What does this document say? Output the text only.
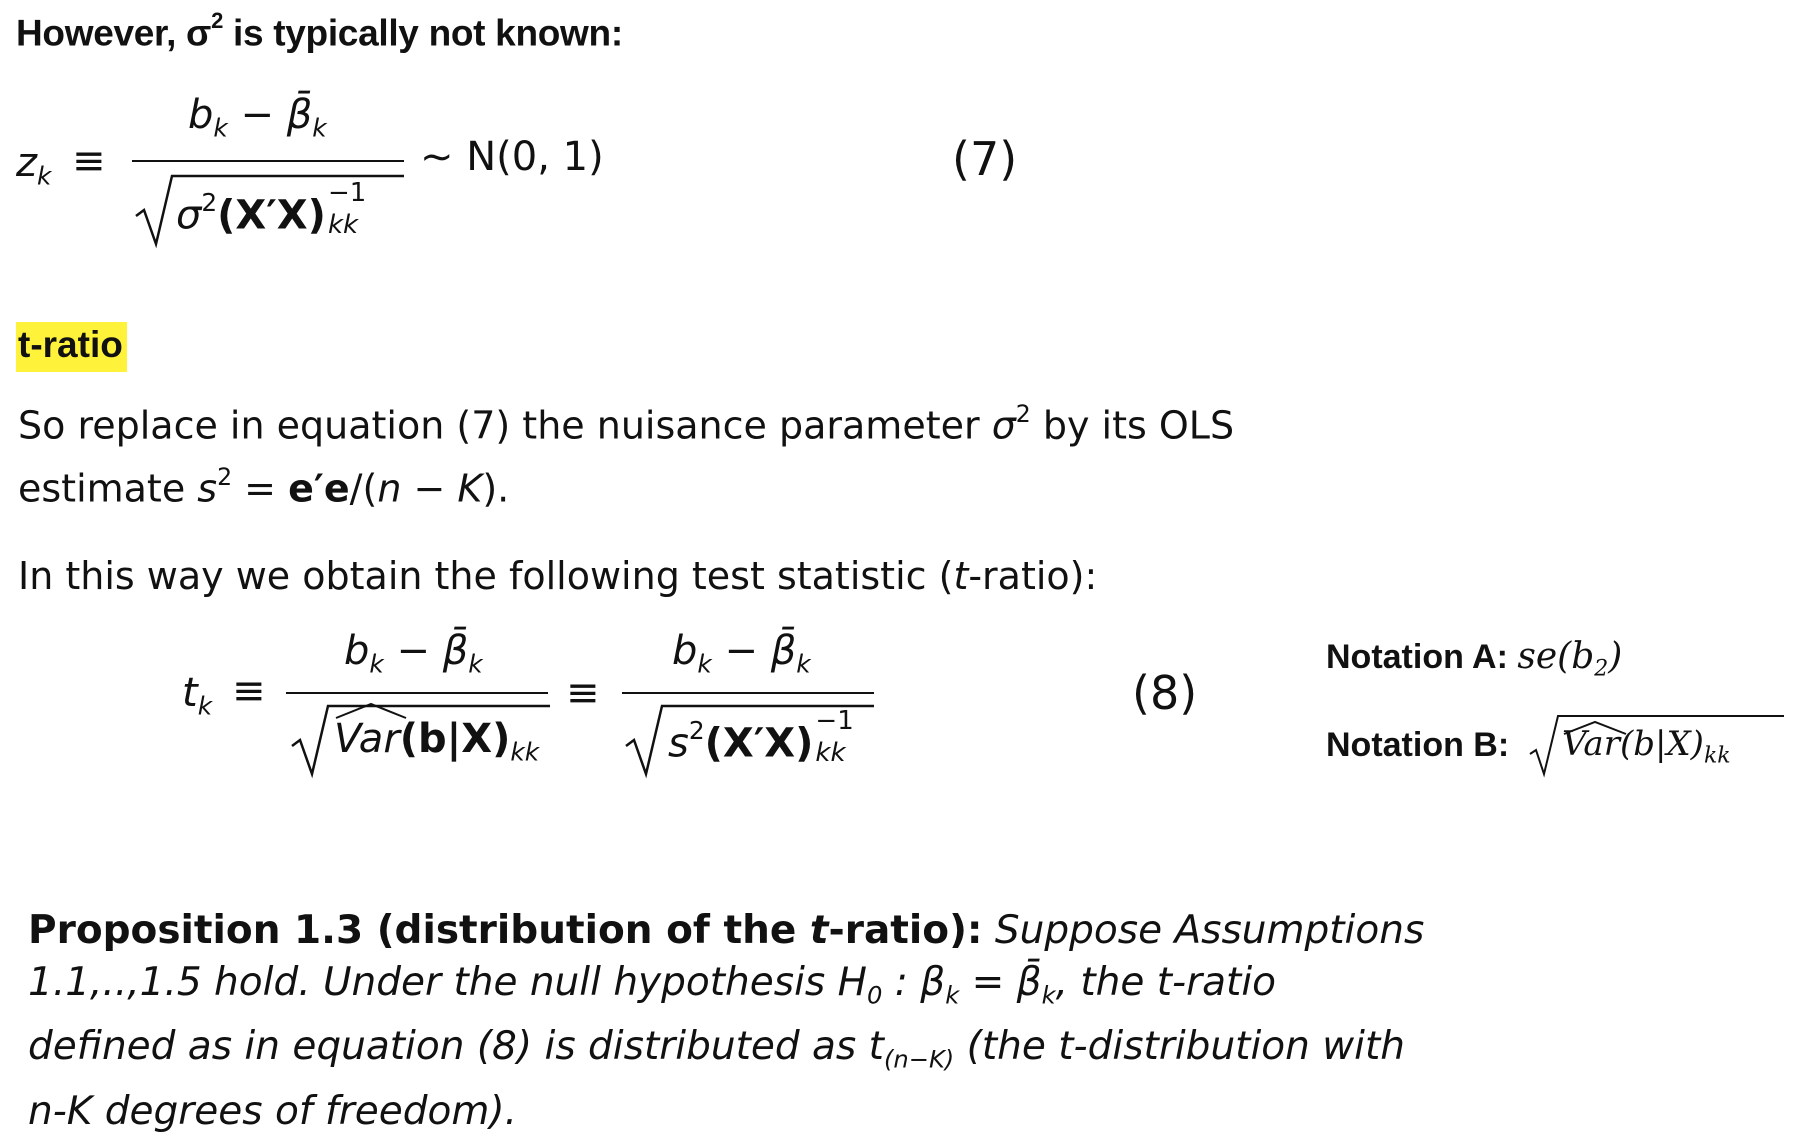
However, $\sigma^2$ is typically not known:
$z_k$ ≡
$b_k$ − $\betā_k$
$\sigma^2(X'X) -1$
kk
∼ N(0, 1)	(7)
t-ratio
So replace in equation (7) the nuisance parameter $\sigma^2$ by its OLS
estimate $s^2 = e'e/(n - K)$.
In this way we obtain the following test statistic (t-ratio):
$t_k$ ≡
$b_k$ − $\betā_k$
$Var(b|X)_{kk}$
≡
$b_k$ − $\betā_k$
$s^2(X'X) -1$
kk
(8)
Notation A: $se(b_2)$
Notation B: $Var(b|X)_{kk}$
Proposition 1.3 (distribution of the t-ratio): Suppose Assumptions
1.1,..,1.5 hold. Under the null hypothesis $H_0$ : $\beta_k$ = $\betā_k$, the t-ratio
defined as in equation (8) is distributed as $t_{(n-K)}$ (the t-distribution with
n-K degrees of freedom).
